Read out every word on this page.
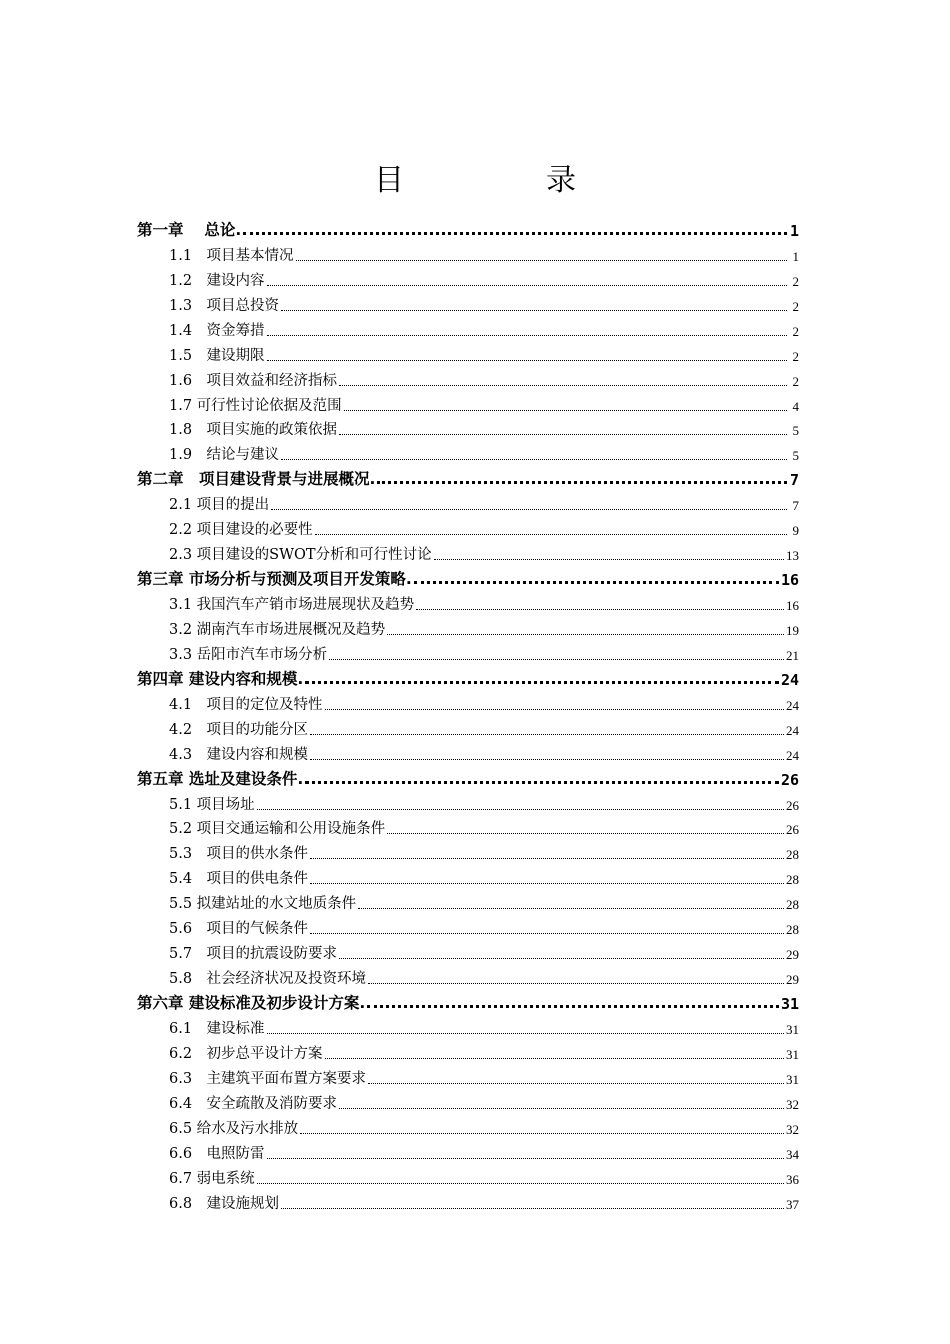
目　录
第一章　 总论.	1
1.1　项目基本情况	1
1.2　建设内容	2
1.3　项目总投资	2
1.4　资金筹措	2
1.5　建设期限	2
1.6　项目效益和经济指标	2
1.7 可行性讨论依据及范围	4
1.8　项目实施的政策依据	5
1.9　结论与建议	5
第二章　项目建设背景与进展概况.	7
2.1 项目的提出	7
2.2 项目建设的必要性	9
2.3 项目建设的SWOT分析和可行性讨论	13
第三章 市场分析与预测及项目开发策略.	16
3.1 我国汽车产销市场进展现状及趋势	16
3.2 湖南汽车市场进展概况及趋势	19
3.3 岳阳市汽车市场分析	21
第四章 建设内容和规模.	24
4.1　项目的定位及特性	24
4.2　项目的功能分区	24
4.3　建设内容和规模	24
第五章 选址及建设条件.	26
5.1 项目场址	26
5.2 项目交通运输和公用设施条件	26
5.3　项目的供水条件	28
5.4　项目的供电条件	28
5.5 拟建站址的水文地质条件	28
5.6　项目的气候条件	28
5.7　项目的抗震设防要求	29
5.8　社会经济状况及投资环境	29
第六章 建设标准及初步设计方案.	31
6.1　建设标准	31
6.2　初步总平设计方案	31
6.3　主建筑平面布置方案要求	31
6.4　安全疏散及消防要求	32
6.5 给水及污水排放	32
6.6　电照防雷	34
6.7 弱电系统	36
6.8　建设施规划	37
